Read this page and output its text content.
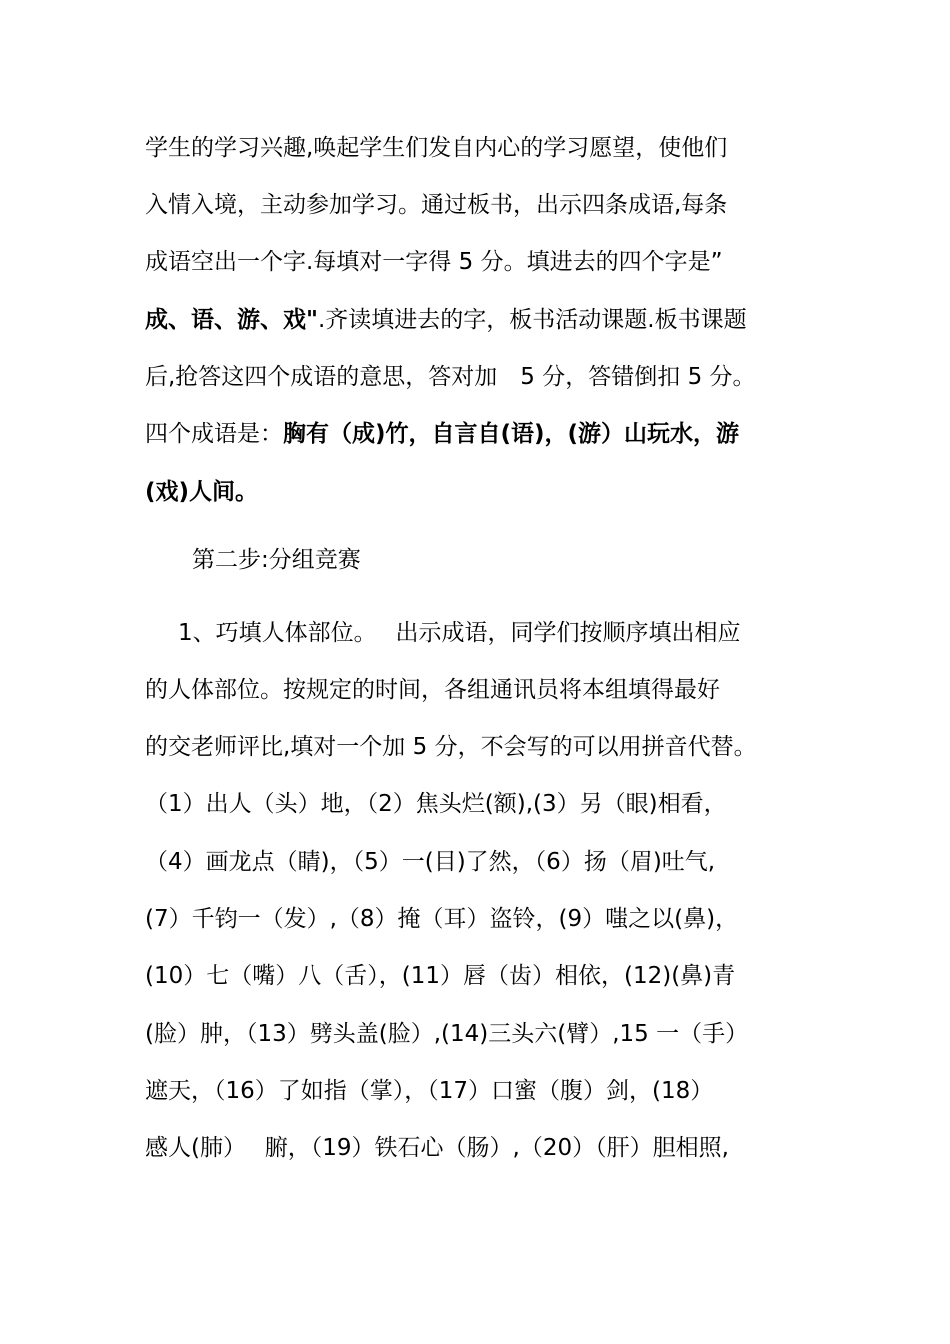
学生的学习兴趣,唤起学生们发自内心的学习愿望，使他们
入情入境，主动参加学习。通过板书，出示四条成语,每条
成语空出一个字.每填对一字得 5 分。填进去的四个字是”
成、语、游、戏".齐读填进去的字，板书活动课题.板书课题
后,抢答这四个成语的意思，答对加　5 分，答错倒扣 5 分。
四个成语是：胸有（成)竹，自言自(语)，(游）山玩水，游
(戏)人间。
第二步:分组竞赛
1、巧填人体部位。　 出示成语，同学们按顺序填出相应
的人体部位。按规定的时间，各组通讯员将本组填得最好
的交老师评比,填对一个加 5 分，不会写的可以用拼音代替。
（1）出人（头）地，（2）焦头烂(额),(3）另（眼)相看，
（4）画龙点（睛)，（5）一(目)了然，（6）扬（眉)吐气,
(7）千钧一（发）,（8）掩（耳）盗铃，(9）嗤之以(鼻)，
(10）七（嘴）八（舌），(11）唇（齿）相依，(12)(鼻)青
(脸）肿，（13）劈头盖(脸）,(14)三头六(臂）,15 一（手）
遮天，（16）了如指（掌），（17）口蜜（腹）剑，(18）
感人(肺）　 腑，（19）铁石心（肠）,（20）（肝）胆相照,
